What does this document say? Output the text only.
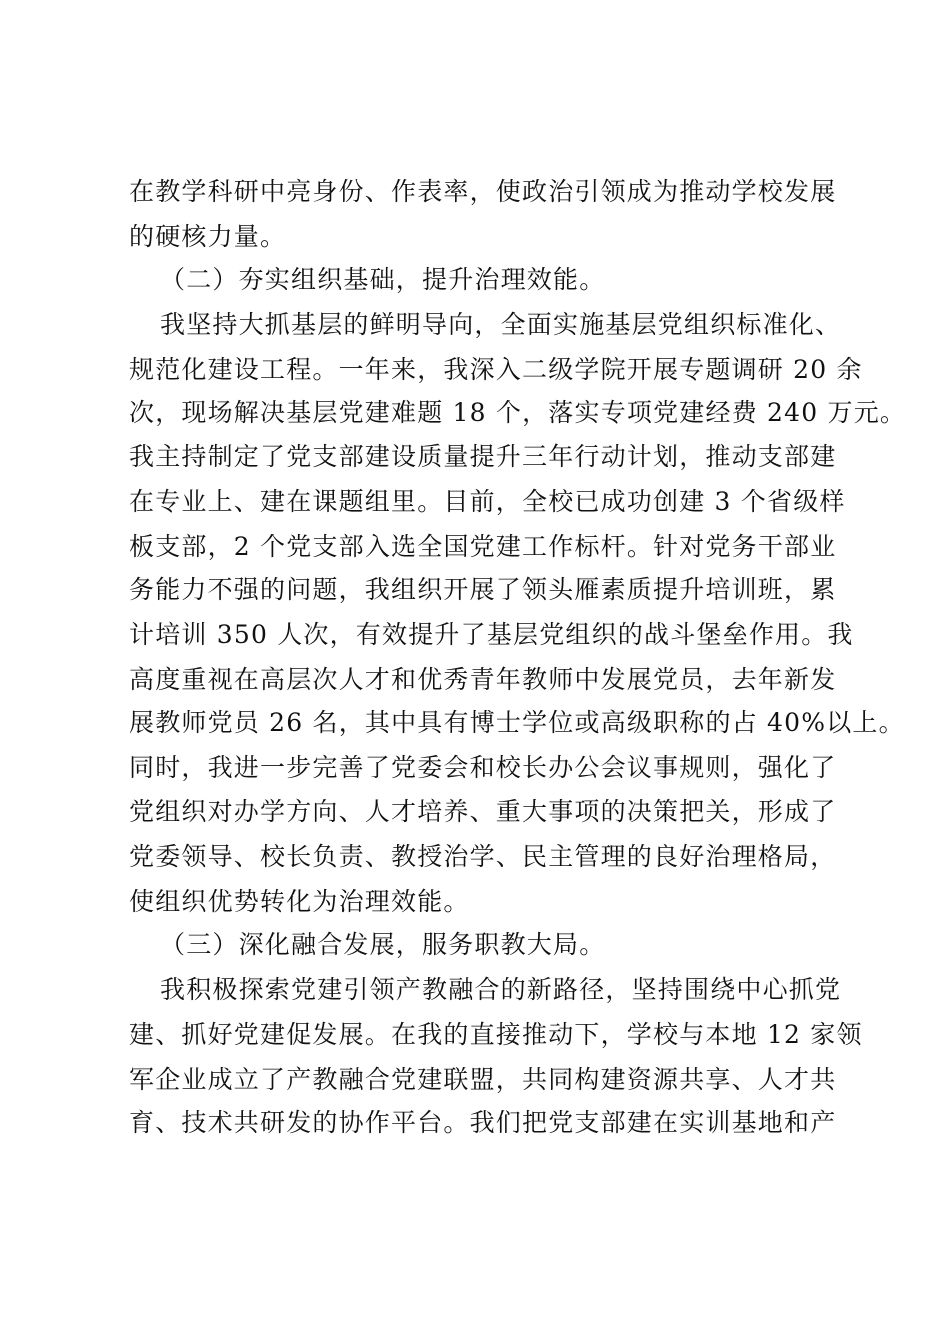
在教学科研中亮身份、作表率，使政治引领成为推动学校发展
的硬核力量。
（二）夯实组织基础，提升治理效能。
我坚持大抓基层的鲜明导向，全面实施基层党组织标准化、
规范化建设工程。一年来，我深入二级学院开展专题调研 20 余
次，现场解决基层党建难题 18 个，落实专项党建经费 240 万元。
我主持制定了党支部建设质量提升三年行动计划，推动支部建
在专业上、建在课题组里。目前，全校已成功创建 3 个省级样
板支部，2 个党支部入选全国党建工作标杆。针对党务干部业
务能力不强的问题，我组织开展了领头雁素质提升培训班，累
计培训 350 人次，有效提升了基层党组织的战斗堡垒作用。我
高度重视在高层次人才和优秀青年教师中发展党员，去年新发
展教师党员 26 名，其中具有博士学位或高级职称的占 40%以上。
同时，我进一步完善了党委会和校长办公会议事规则，强化了
党组织对办学方向、人才培养、重大事项的决策把关，形成了
党委领导、校长负责、教授治学、民主管理的良好治理格局，
使组织优势转化为治理效能。
（三）深化融合发展，服务职教大局。
我积极探索党建引领产教融合的新路径，坚持围绕中心抓党
建、抓好党建促发展。在我的直接推动下，学校与本地 12 家领
军企业成立了产教融合党建联盟，共同构建资源共享、人才共
育、技术共研发的协作平台。我们把党支部建在实训基地和产
